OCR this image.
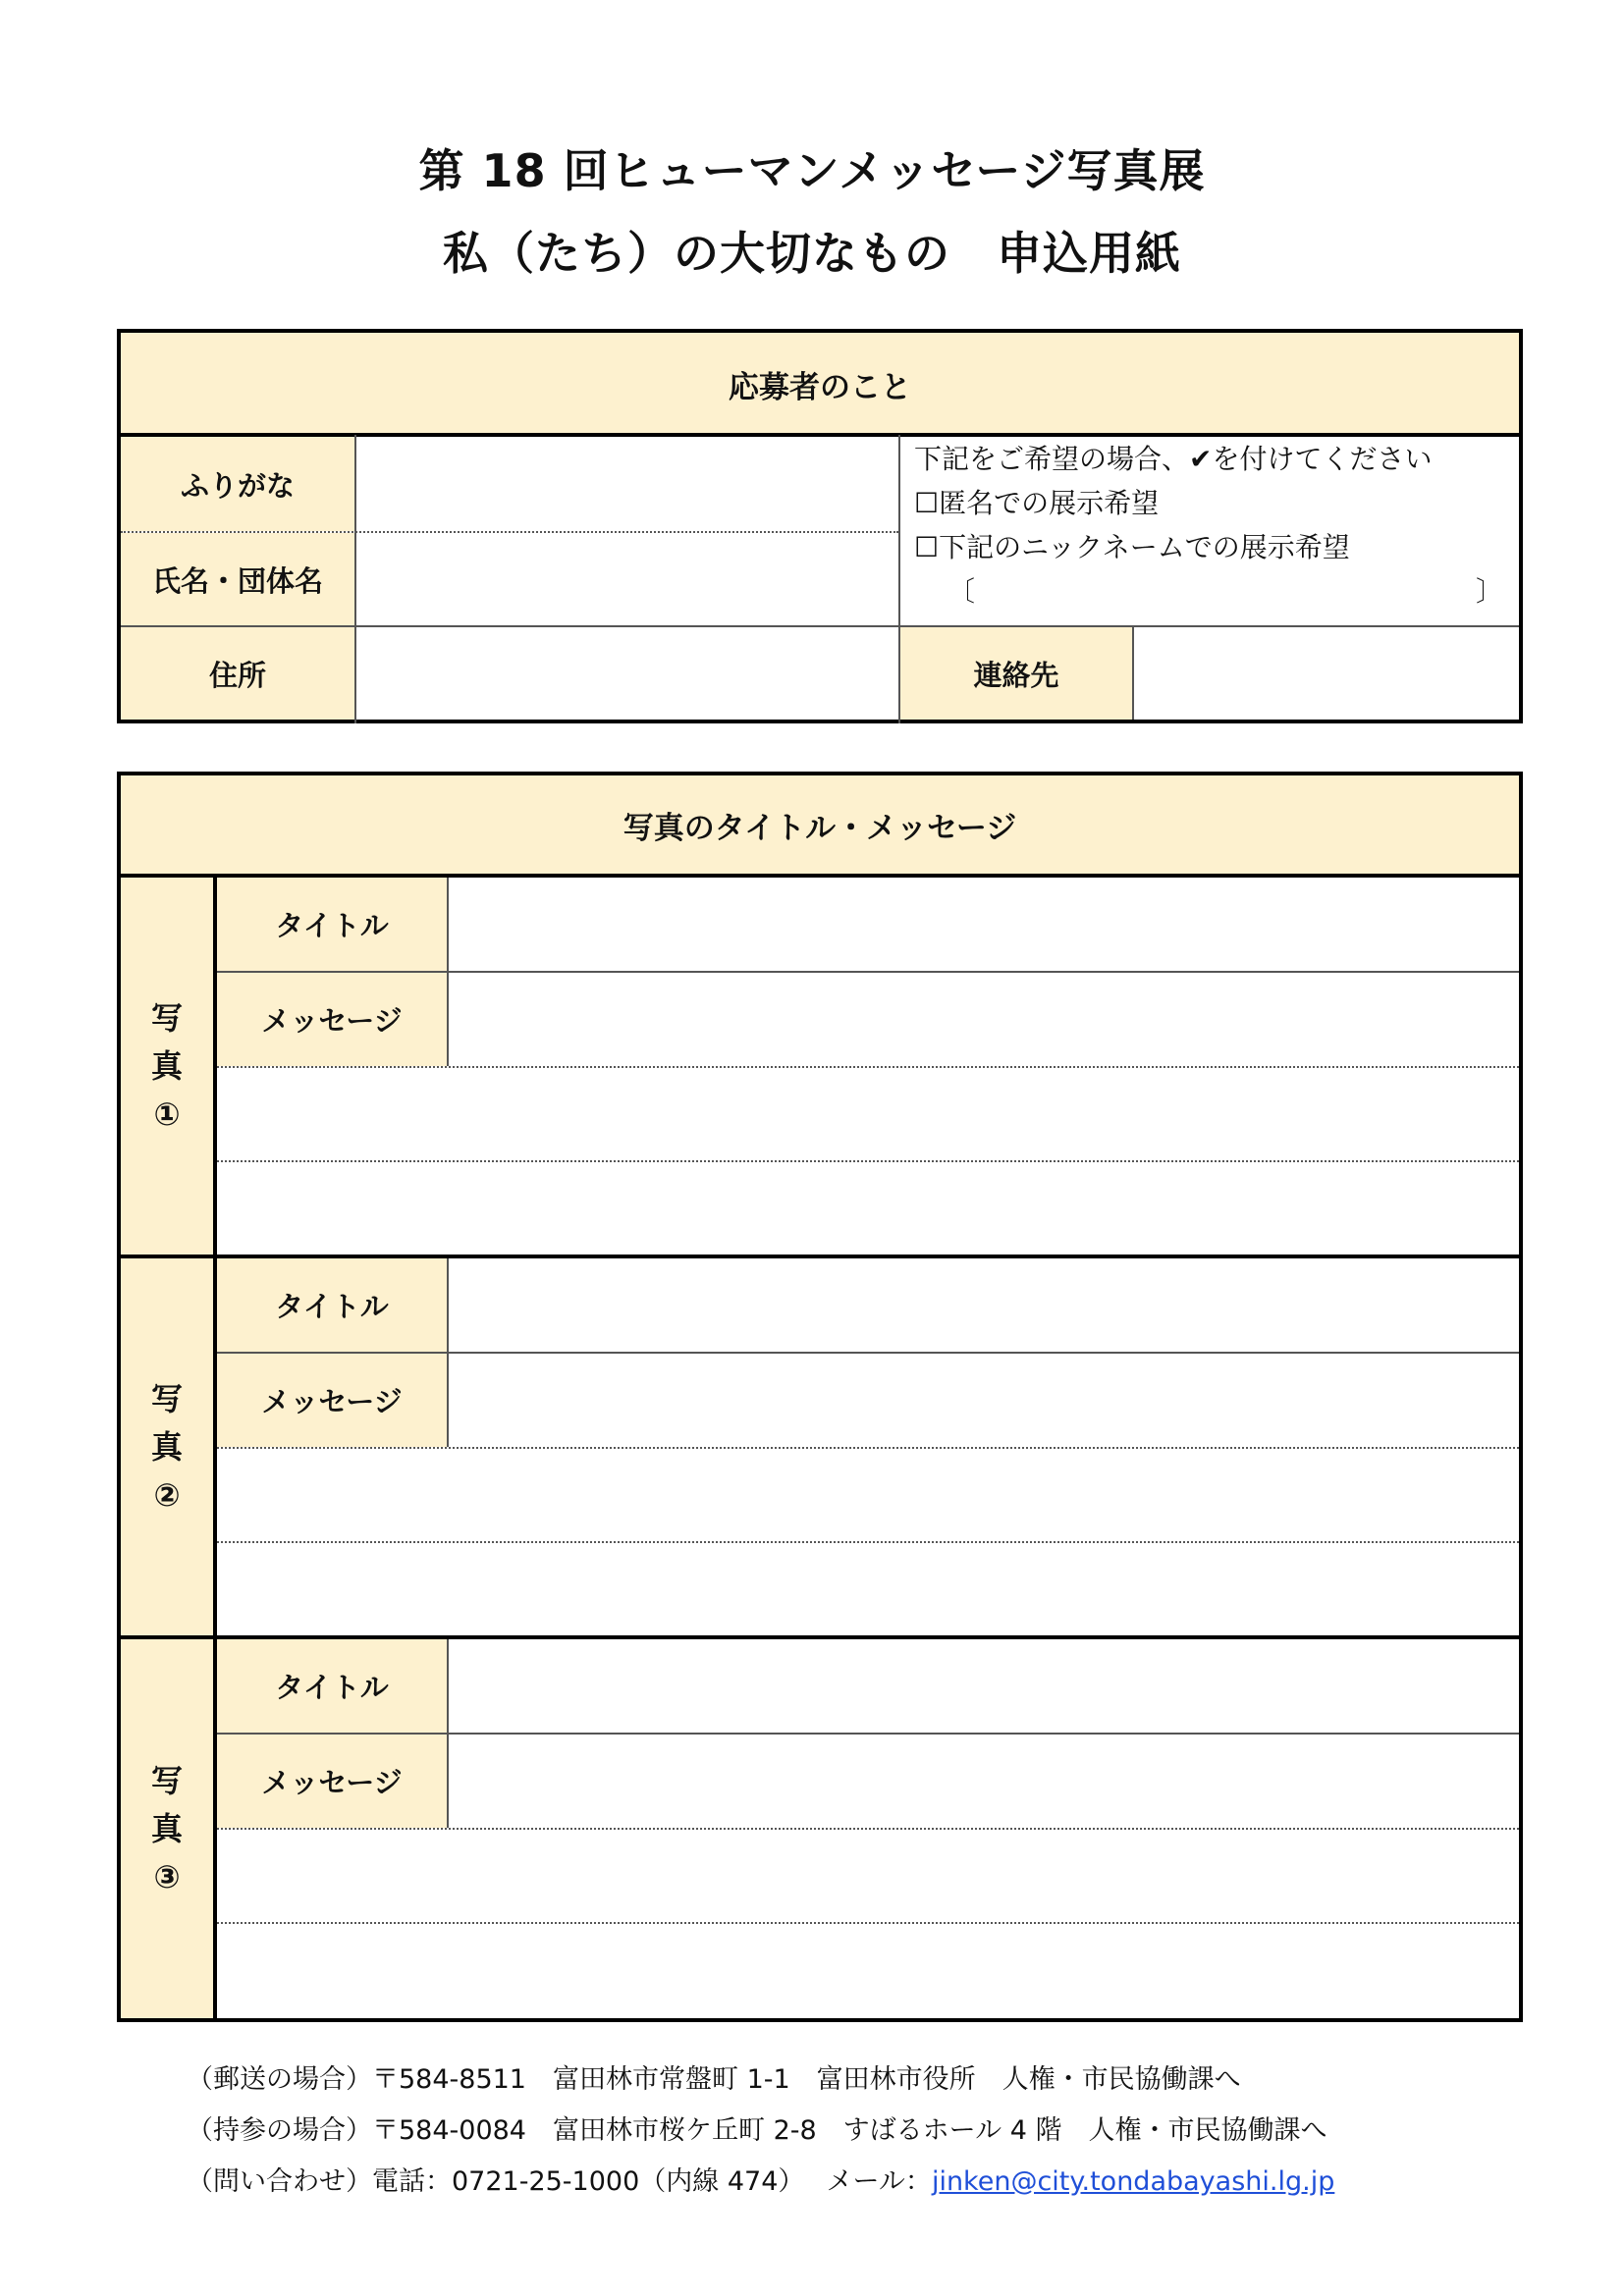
第 18 回ヒューマンメッセージ写真展
私（たち）の大切なもの　申込用紙
応募者のこと
ふりがな
氏名・団体名
下記をご希望の場合、✔を付けてください
☐匿名での展示希望
☐下記のニックネームでの展示希望
〔	〕
住所	連絡先
写真のタイトル・メッセージ
写
真
①
タイトル
メッセージ
写
真
②
タイトル
メッセージ
写
真
③
タイトル
メッセージ
（郵送の場合）〒584-8511　富田林市常盤町 1-1　富田林市役所　人権・市民協働課へ
（持参の場合）〒584-0084　富田林市桜ケ丘町 2-8　すばるホール 4 階　人権・市民協働課へ
（問い合わせ）電話：0721-25-1000（内線 474）　 メール：jinken@city.tondabayashi.lg.jp
